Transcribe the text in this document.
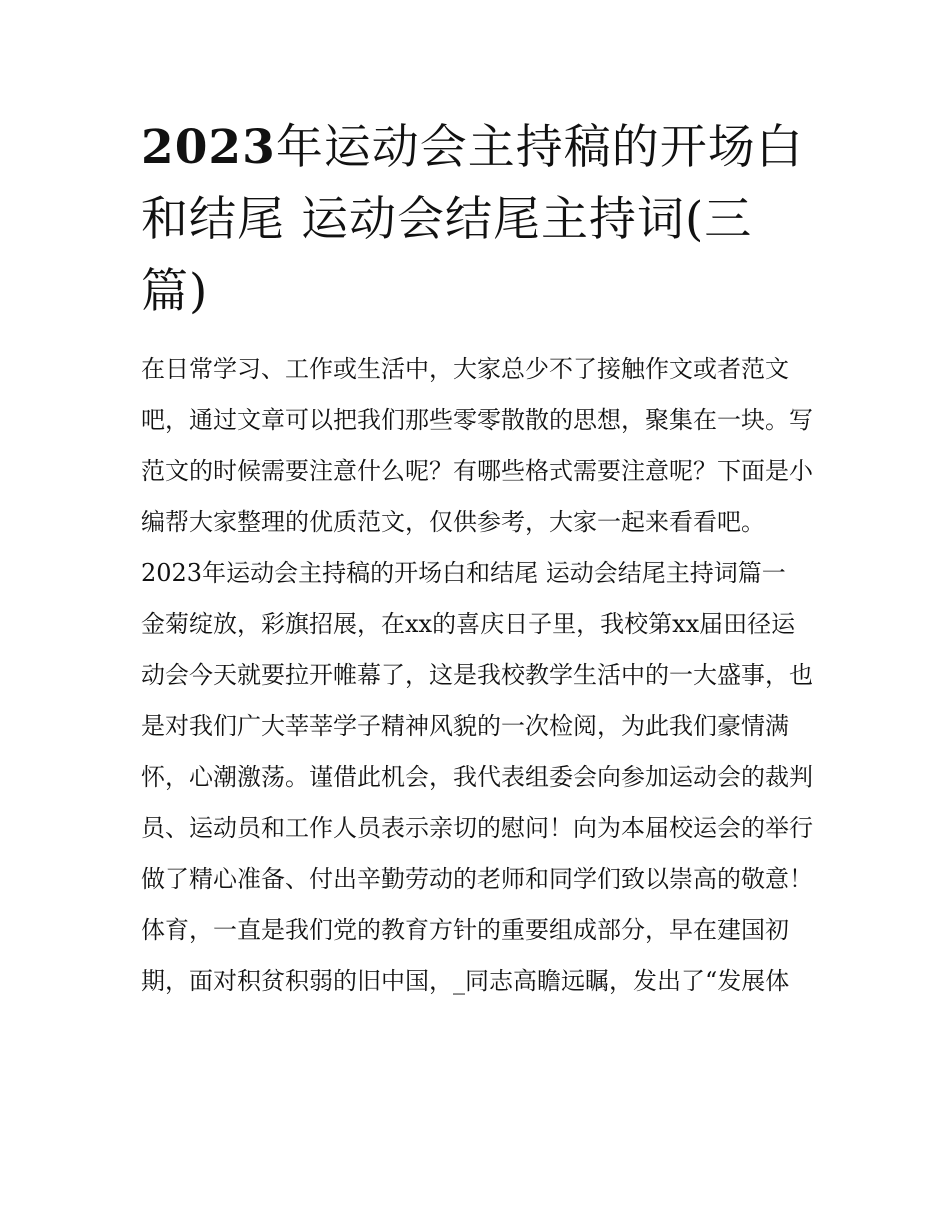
2023年运动会主持稿的开场白和结尾 运动会结尾主持词(三篇)

在日常学习、工作或生活中，大家总少不了接触作文或者范文吧，通过文章可以把我们那些零零散散的思想，聚集在一块。写范文的时候需要注意什么呢？有哪些格式需要注意呢？下面是小编帮大家整理的优质范文，仅供参考，大家一起来看看吧。

2023年运动会主持稿的开场白和结尾 运动会结尾主持词篇一

金菊绽放，彩旗招展，在xx的喜庆日子里，我校第xx届田径运动会今天就要拉开帷幕了，这是我校教学生活中的一大盛事，也是对我们广大莘莘学子精神风貌的一次检阅，为此我们豪情满怀，心潮激荡。谨借此机会，我代表组委会向参加运动会的裁判员、运动员和工作人员表示亲切的慰问！向为本届校运会的举行做了精心准备、付出辛勤劳动的老师和同学们致以崇高的敬意！

体育，一直是我们党的教育方针的重要组成部分，早在建国初期，面对积贫积弱的旧中国，_同志高瞻远瞩，发出了“发展体
